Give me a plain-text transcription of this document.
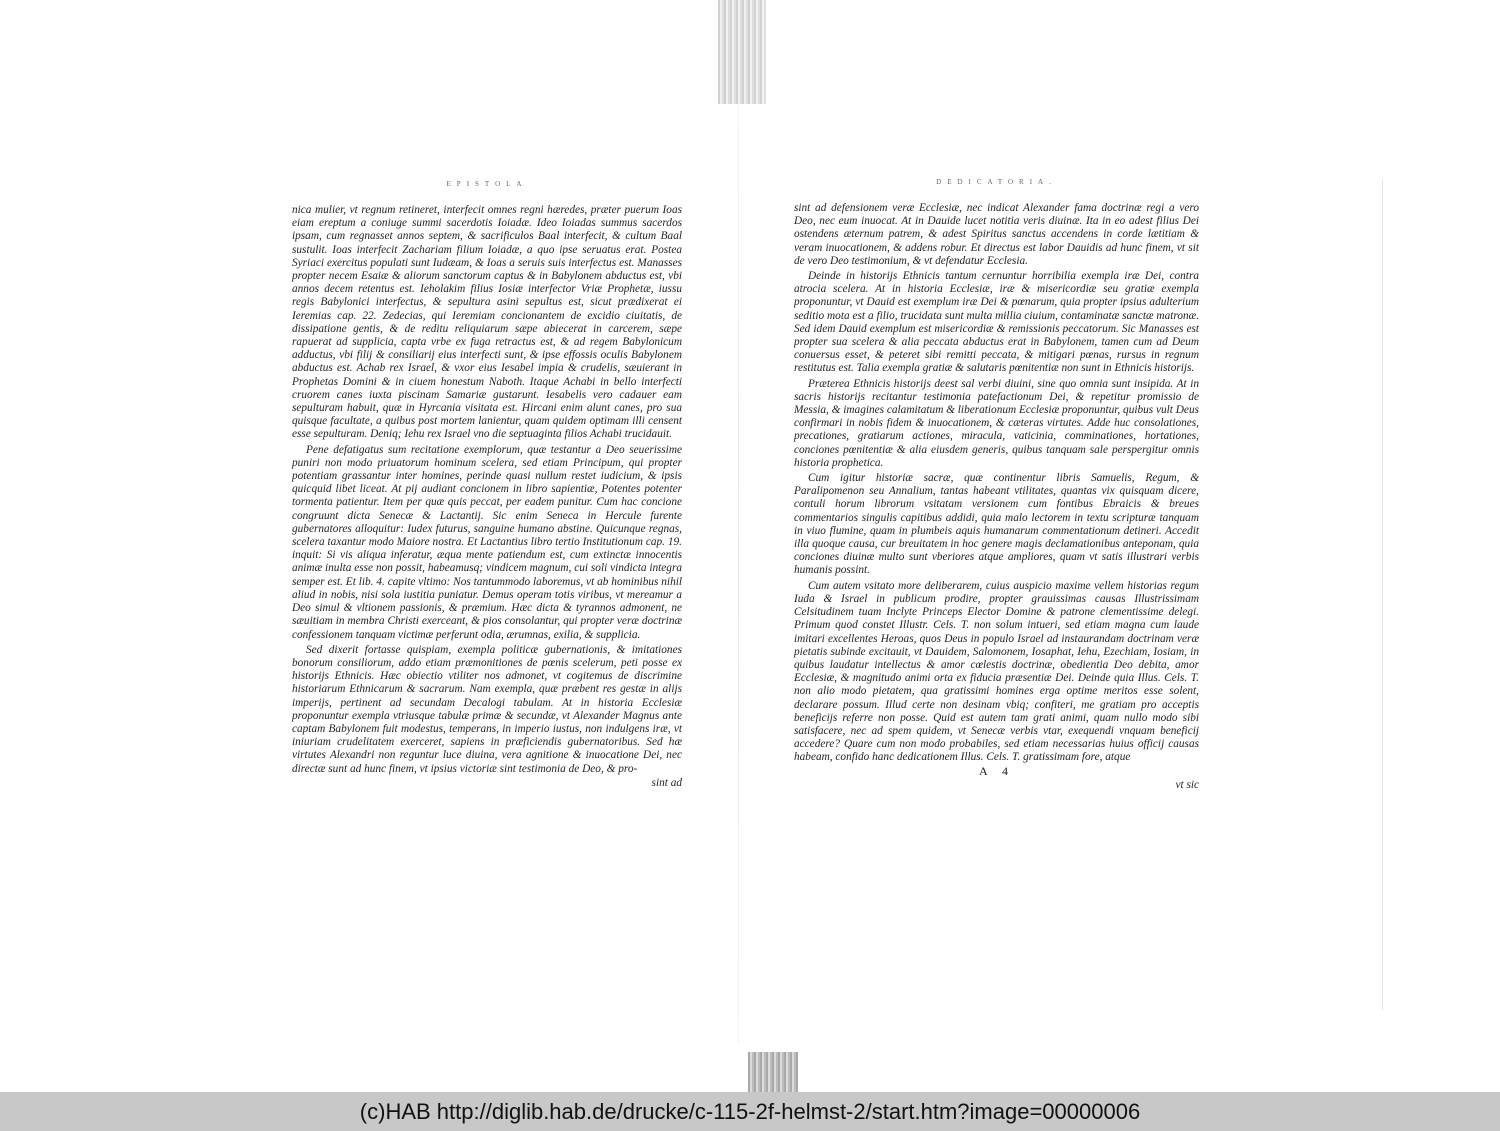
EPISTOLA

nica mulier, vt regnum retineret, interfecit omnes regni hæredes, præter puerum Ioas eiam ereptum a coniuge summi sacerdotis Ioiadæ. Ideo Ioiadas summus sacerdos ipsam, cum regnasset annos septem, & sacrificulos Baal interfecit, & cultum Baal sustulit. Ioas interfecit Zachariam filium Ioiadæ, a quo ipse seruatus erat. Postea Syriaci exercitus populati sunt Iudæam, & Ioas a seruis suis interfectus est. Manasses propter necem Esaiæ & aliorum sanctorum captus & in Babylonem abductus est, vbi annos decem retentus est. Ieholakim filius Iosiæ interfector Vriæ Prophetæ, iussu regis Babylonici interfectus, & sepultura asini sepultus est, sicut prædixerat ei Ieremias cap. 22. Zedecias, qui Ieremiam concionantem de excidio ciuitatis, de dissipatione gentis, & de reditu reliquiarum sæpe abiecerat in carcerem, sæpe rapuerat ad supplicia, capta vrbe ex fuga retractus est, & ad regem Babylonicum adductus, vbi filij & consiliarij eius interfecti sunt, & ipse effossis oculis Babylonem abductus est. Achab rex Israel, & vxor eius Iesabel impia & crudelis, sæuierant in Prophetas Domini & in ciuem honestum Naboth. Itaque Achabi in bello interfecti cruorem canes iuxta piscinam Samariæ gustarunt. Iesabelis vero cadauer eam sepulturam habuit, quæ in Hyrcania visitata est. Hircani enim alunt canes, pro sua quisque facultate, a quibus post mortem lanientur, quam quidem optimam illi censent esse sepulturam. Deniq; Iehu rex Israel vno die septuaginta filios Achabi trucidauit.

Pene defatigatus sum recitatione exemplorum, quæ testantur a Deo seuerissime puniri non modo priuatorum hominum scelera, sed etiam Principum, qui propter potentiam grassantur inter homines, perinde quasi nullum restet iudicium, & ipsis quicquid libet liceat. At pij audiant concionem in libro sapientiæ, Potentes potenter tormenta patientur. Item per quæ quis peccat, per eadem punitur. Cum hac concione congruunt dicta Senecæ & Lactantij. Sic enim Seneca in Hercule furente gubernatores alloquitur: Iudex futurus, sanguine humano abstine. Quicunque regnas, scelera taxantur modo Maiore nostra. Et Lactantius libro tertio Institutionum cap. 19. inquit: Si vis aliqua inferatur, æqua mente patiendum est, cum extinctæ innocentis animæ inulta esse non possit, habeamusq; vindicem magnum, cui soli vindicta integra semper est. Et lib. 4. capite vltimo: Nos tantummodo laboremus, vt ab hominibus nihil aliud in nobis, nisi sola iustitia puniatur. Demus operam totis viribus, vt mereamur a Deo simul & vltionem passionis, & præmium. Hæc dicta & tyrannos admonent, ne sæuitiam in membra Christi exerceant, & pios consolantur, qui propter veræ doctrinæ confessionem tanquam victimæ perferunt odia, ærumnas, exilia, & supplicia.

Sed dixerit fortasse quispiam, exempla politicæ gubernationis, & imitationes bonorum consiliorum, addo etiam præmonitiones de pœnis scelerum, peti posse ex historijs Ethnicis. Hæc obiectio vtiliter nos admonet, vt cogitemus de discrimine historiarum Ethnicarum & sacrarum. Nam exempla, quæ præbent res gestæ in alijs imperijs, pertinent ad secundam Decalogi tabulam. At in historia Ecclesiæ proponuntur exempla vtriusque tabulæ primæ & secundæ, vt Alexander Magnus ante captam Babylonem fuit modestus, temperans, in imperio iustus, non indulgens iræ, vt iniuriam crudelitatem exerceret, sapiens in præficiendis gubernatoribus. Sed hæ virtutes Alexandri non reguntur luce diuina, vera agnitione & inuocatione Dei, nec directæ sunt ad hunc finem, vt ipsius victoriæ sint testimonia de Deo, & pro-

sint ad

DEDICATORIA.

sint ad defensionem veræ Ecclesiæ, nec indicat Alexander fama doctrinæ regi a vero Deo, nec eum inuocat. At in Dauide lucet notitia veris diuinæ. Ita in eo adest filius Dei ostendens æternum patrem, & adest Spiritus sanctus accendens in corde lætitiam & veram inuocationem, & addens robur. Et directus est labor Dauidis ad hunc finem, vt sit de vero Deo testimonium, & vt defendatur Ecclesia.

Deinde in historijs Ethnicis tantum cernuntur horribilia exempla iræ Dei, contra atrocia scelera. At in historia Ecclesiæ, iræ & misericordiæ seu gratiæ exempla proponuntur, vt Dauid est exemplum iræ Dei & pœnarum, quia propter ipsius adulterium seditio mota est a filio, trucidata sunt multa millia ciuium, contaminatæ sanctæ matronæ. Sed idem Dauid exemplum est misericordiæ & remissionis peccatorum. Sic Manasses est propter sua scelera & alia peccata abductus erat in Babylonem, tamen cum ad Deum conuersus esset, & peteret sibi remitti peccata, & mitigari pœnas, rursus in regnum restitutus est. Talia exempla gratiæ & salutaris pœnitentiæ non sunt in Ethnicis historijs.

Præterea Ethnicis historijs deest sal verbi diuini, sine quo omnia sunt insipida. At in sacris historijs recitantur testimonia patefactionum Dei, & repetitur promissio de Messia, & imagines calamitatum & liberationum Ecclesiæ proponuntur, quibus vult Deus confirmari in nobis fidem & inuocationem, & cæteras virtutes. Adde huc consolationes, precationes, gratiarum actiones, miracula, vaticinia, comminationes, hortationes, conciones pœnitentiæ & alia eiusdem generis, quibus tanquam sale perspergitur omnis historia prophetica.

Cum igitur historiæ sacræ, quæ continentur libris Samuelis, Regum, & Paralipomenon seu Annalium, tantas habeant vtilitates, quantas vix quisquam dicere, contuli horum librorum vsitatam versionem cum fontibus Ebraicis & breues commentarios singulis capitibus addidi, quia malo lectorem in textu scripturæ tanquam in viuo flumine, quam in plumbeis aquis humanarum commentationum detineri. Accedit illa quoque causa, cur breuitatem in hoc genere magis declamationibus anteponam, quia conciones diuinæ multo sunt vberiores atque ampliores, quam vt satis illustrari verbis humanis possint.

Cum autem vsitato more deliberarem, cuius auspicio maxime vellem historias regum Iuda & Israel in publicum prodire, propter grauissimas causas Illustrissimam Celsitudinem tuam Inclyte Princeps Elector Domine & patrone clementissime delegi. Primum quod constet Illustr. Cels. T. non solum intueri, sed etiam magna cum laude imitari excellentes Heroas, quos Deus in populo Israel ad instaurandam doctrinam veræ pietatis subinde excitauit, vt Dauidem, Salomonem, Iosaphat, Iehu, Ezechiam, Iosiam, in quibus laudatur intellectus & amor cœlestis doctrinæ, obedientia Deo debita, amor Ecclesiæ, & magnitudo animi orta ex fiducia præsentiæ Dei. Deinde quia Illus. Cels. T. non alio modo pietatem, qua gratissimi homines erga optime meritos esse solent, declarare possum. Illud certe non desinam vbiq; confiteri, me gratiam pro acceptis beneficijs referre non posse. Quid est autem tam grati animi, quam nullo modo sibi satisfacere, nec ad spem quidem, vt Senecæ verbis vtar, exequendi vnquam beneficij accedere? Quare cum non modo probabiles, sed etiam necessarias huius officij causas habeam, confido hanc dedicationem Illus. Cels. T. gratissimam fore, atque

A 4

vt sic

(c)HAB http://diglib.hab.de/drucke/c-115-2f-helmst-2/start.htm?image=00000006
